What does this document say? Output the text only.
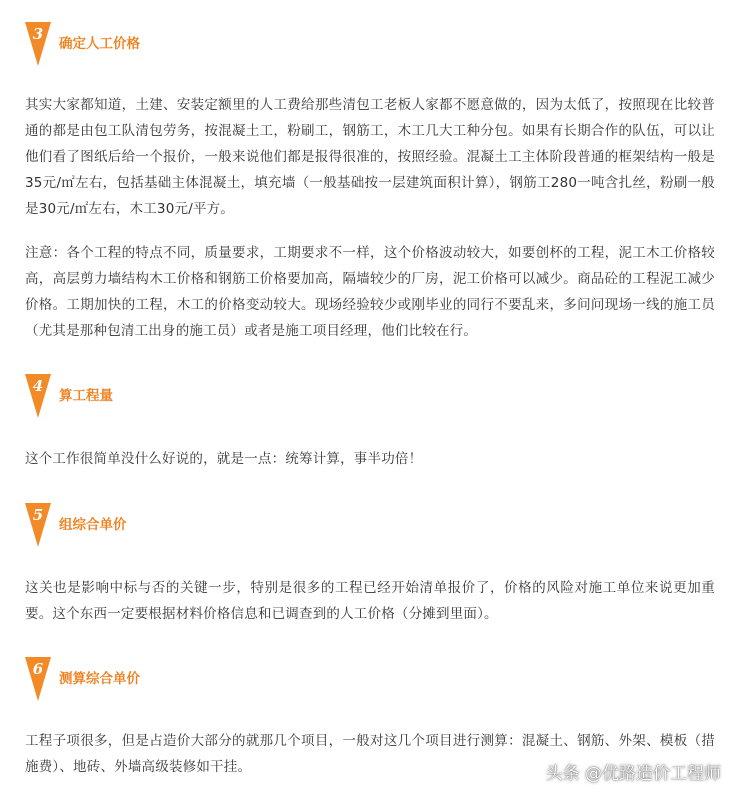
3
确定人工价格

其实大家都知道，土建、安装定额里的人工费给那些清包工老板人家都不愿意做的，因为太低了，按照现在比较普通的都是由包工队清包劳务，按混凝土工，粉刷工，钢筋工，木工几大工种分包。如果有长期合作的队伍，可以让他们看了图纸后给一个报价，一般来说他们都是报得很准的，按照经验。混凝土工主体阶段普通的框架结构一般是35元/㎡左右，包括基础主体混凝土，填充墙（一般基础按一层建筑面积计算），钢筋工280一吨含扎丝，粉刷一般是30元/㎡左右，木工30元/平方。

注意：各个工程的特点不同，质量要求，工期要求不一样，这个价格波动较大，如要创杯的工程，泥工木工价格较高，高层剪力墙结构木工价格和钢筋工价格要加高，隔墙较少的厂房，泥工价格可以减少。商品砼的工程泥工减少价格。工期加快的工程，木工的价格变动较大。现场经验较少或刚毕业的同行不要乱来，多问问现场一线的施工员（尤其是那种包清工出身的施工员）或者是施工项目经理，他们比较在行。

4
算工程量

这个工作很简单没什么好说的，就是一点：统筹计算，事半功倍！

5
组综合单价

这关也是影响中标与否的关键一步，特别是很多的工程已经开始清单报价了，价格的风险对施工单位来说更加重要。这个东西一定要根据材料价格信息和已调查到的人工价格（分摊到里面）。

6
测算综合单价

工程子项很多，但是占造价大部分的就那几个项目，一般对这几个项目进行测算：混凝土、钢筋、外架、模板（措施费）、地砖、外墙高级装修如干挂。	头条 @优路造价工程师
